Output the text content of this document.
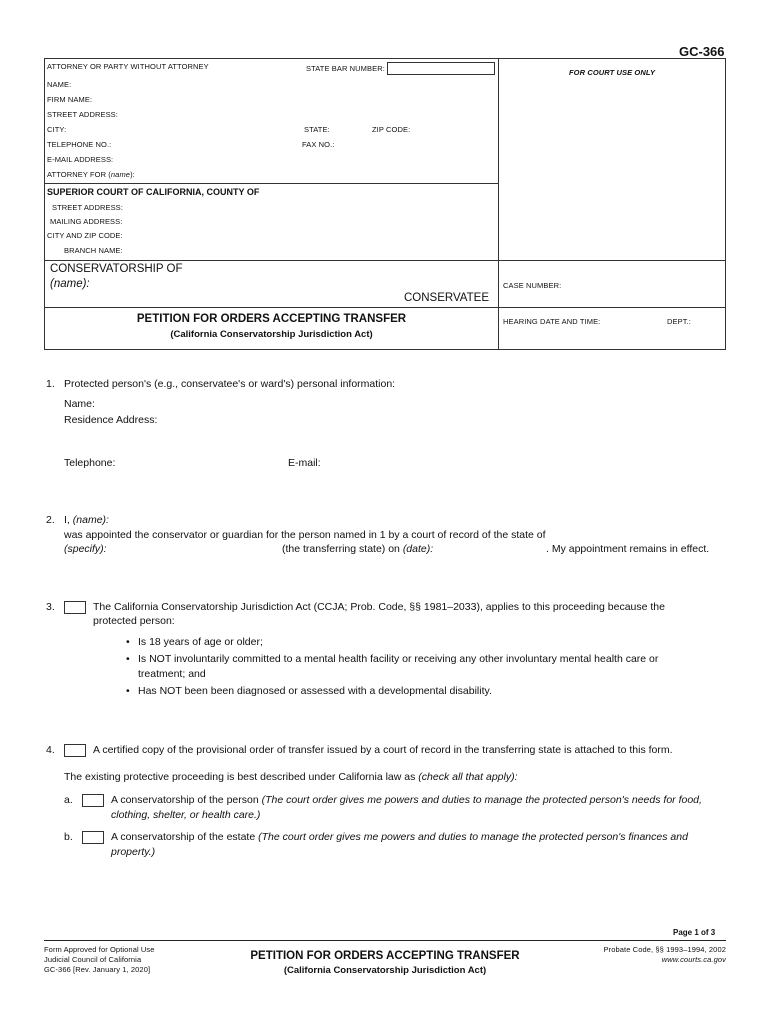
GC-366
ATTORNEY OR PARTY WITHOUT ATTORNEY	STATE BAR NUMBER:	FOR COURT USE ONLY
NAME:
FIRM NAME:
STREET ADDRESS:
CITY:	STATE:	ZIP CODE:
TELEPHONE NO.:	FAX NO.:
E-MAIL ADDRESS:
ATTORNEY FOR (name):
SUPERIOR COURT OF CALIFORNIA, COUNTY OF
STREET ADDRESS:
MAILING ADDRESS:
CITY AND ZIP CODE:
BRANCH NAME:
CONSERVATORSHIP OF
(name):
CONSERVATEE
CASE NUMBER:
PETITION FOR ORDERS ACCEPTING TRANSFER
(California Conservatorship Jurisdiction Act)
HEARING DATE AND TIME:	DEPT.:
1. Protected person's (e.g., conservatee's or ward's) personal information:
Name:
Residence Address:
Telephone:	E-mail:
2. I, (name):
was appointed the conservator or guardian for the person named in 1 by a court of record of the state of
(specify):	(the transferring state) on (date):	. My appointment remains in effect.
3.	The California Conservatorship Jurisdiction Act (CCJA; Prob. Code, §§ 1981–2033), applies to this proceeding because the
protected person:
• Is 18 years of age or older;
• Is NOT involuntarily committed to a mental health facility or receiving any other involuntary mental health care or treatment; and
• Has NOT been been diagnosed or assessed with a developmental disability.
4.	A certified copy of the provisional order of transfer issued by a court of record in the transferring state is attached to this form.
The existing protective proceeding is best described under California law as (check all that apply):
a.	A conservatorship of the person (The court order gives me powers and duties to manage the protected person's needs for food, clothing, shelter, or health care.)
b.	A conservatorship of the estate (The court order gives me powers and duties to manage the protected person's finances and property.)
Page 1 of 3
Form Approved for Optional Use
Judicial Council of California
GC-366 [Rev. January 1, 2020]
PETITION FOR ORDERS ACCEPTING TRANSFER
(California Conservatorship Jurisdiction Act)
Probate Code, §§ 1993–1994, 2002
www.courts.ca.gov
